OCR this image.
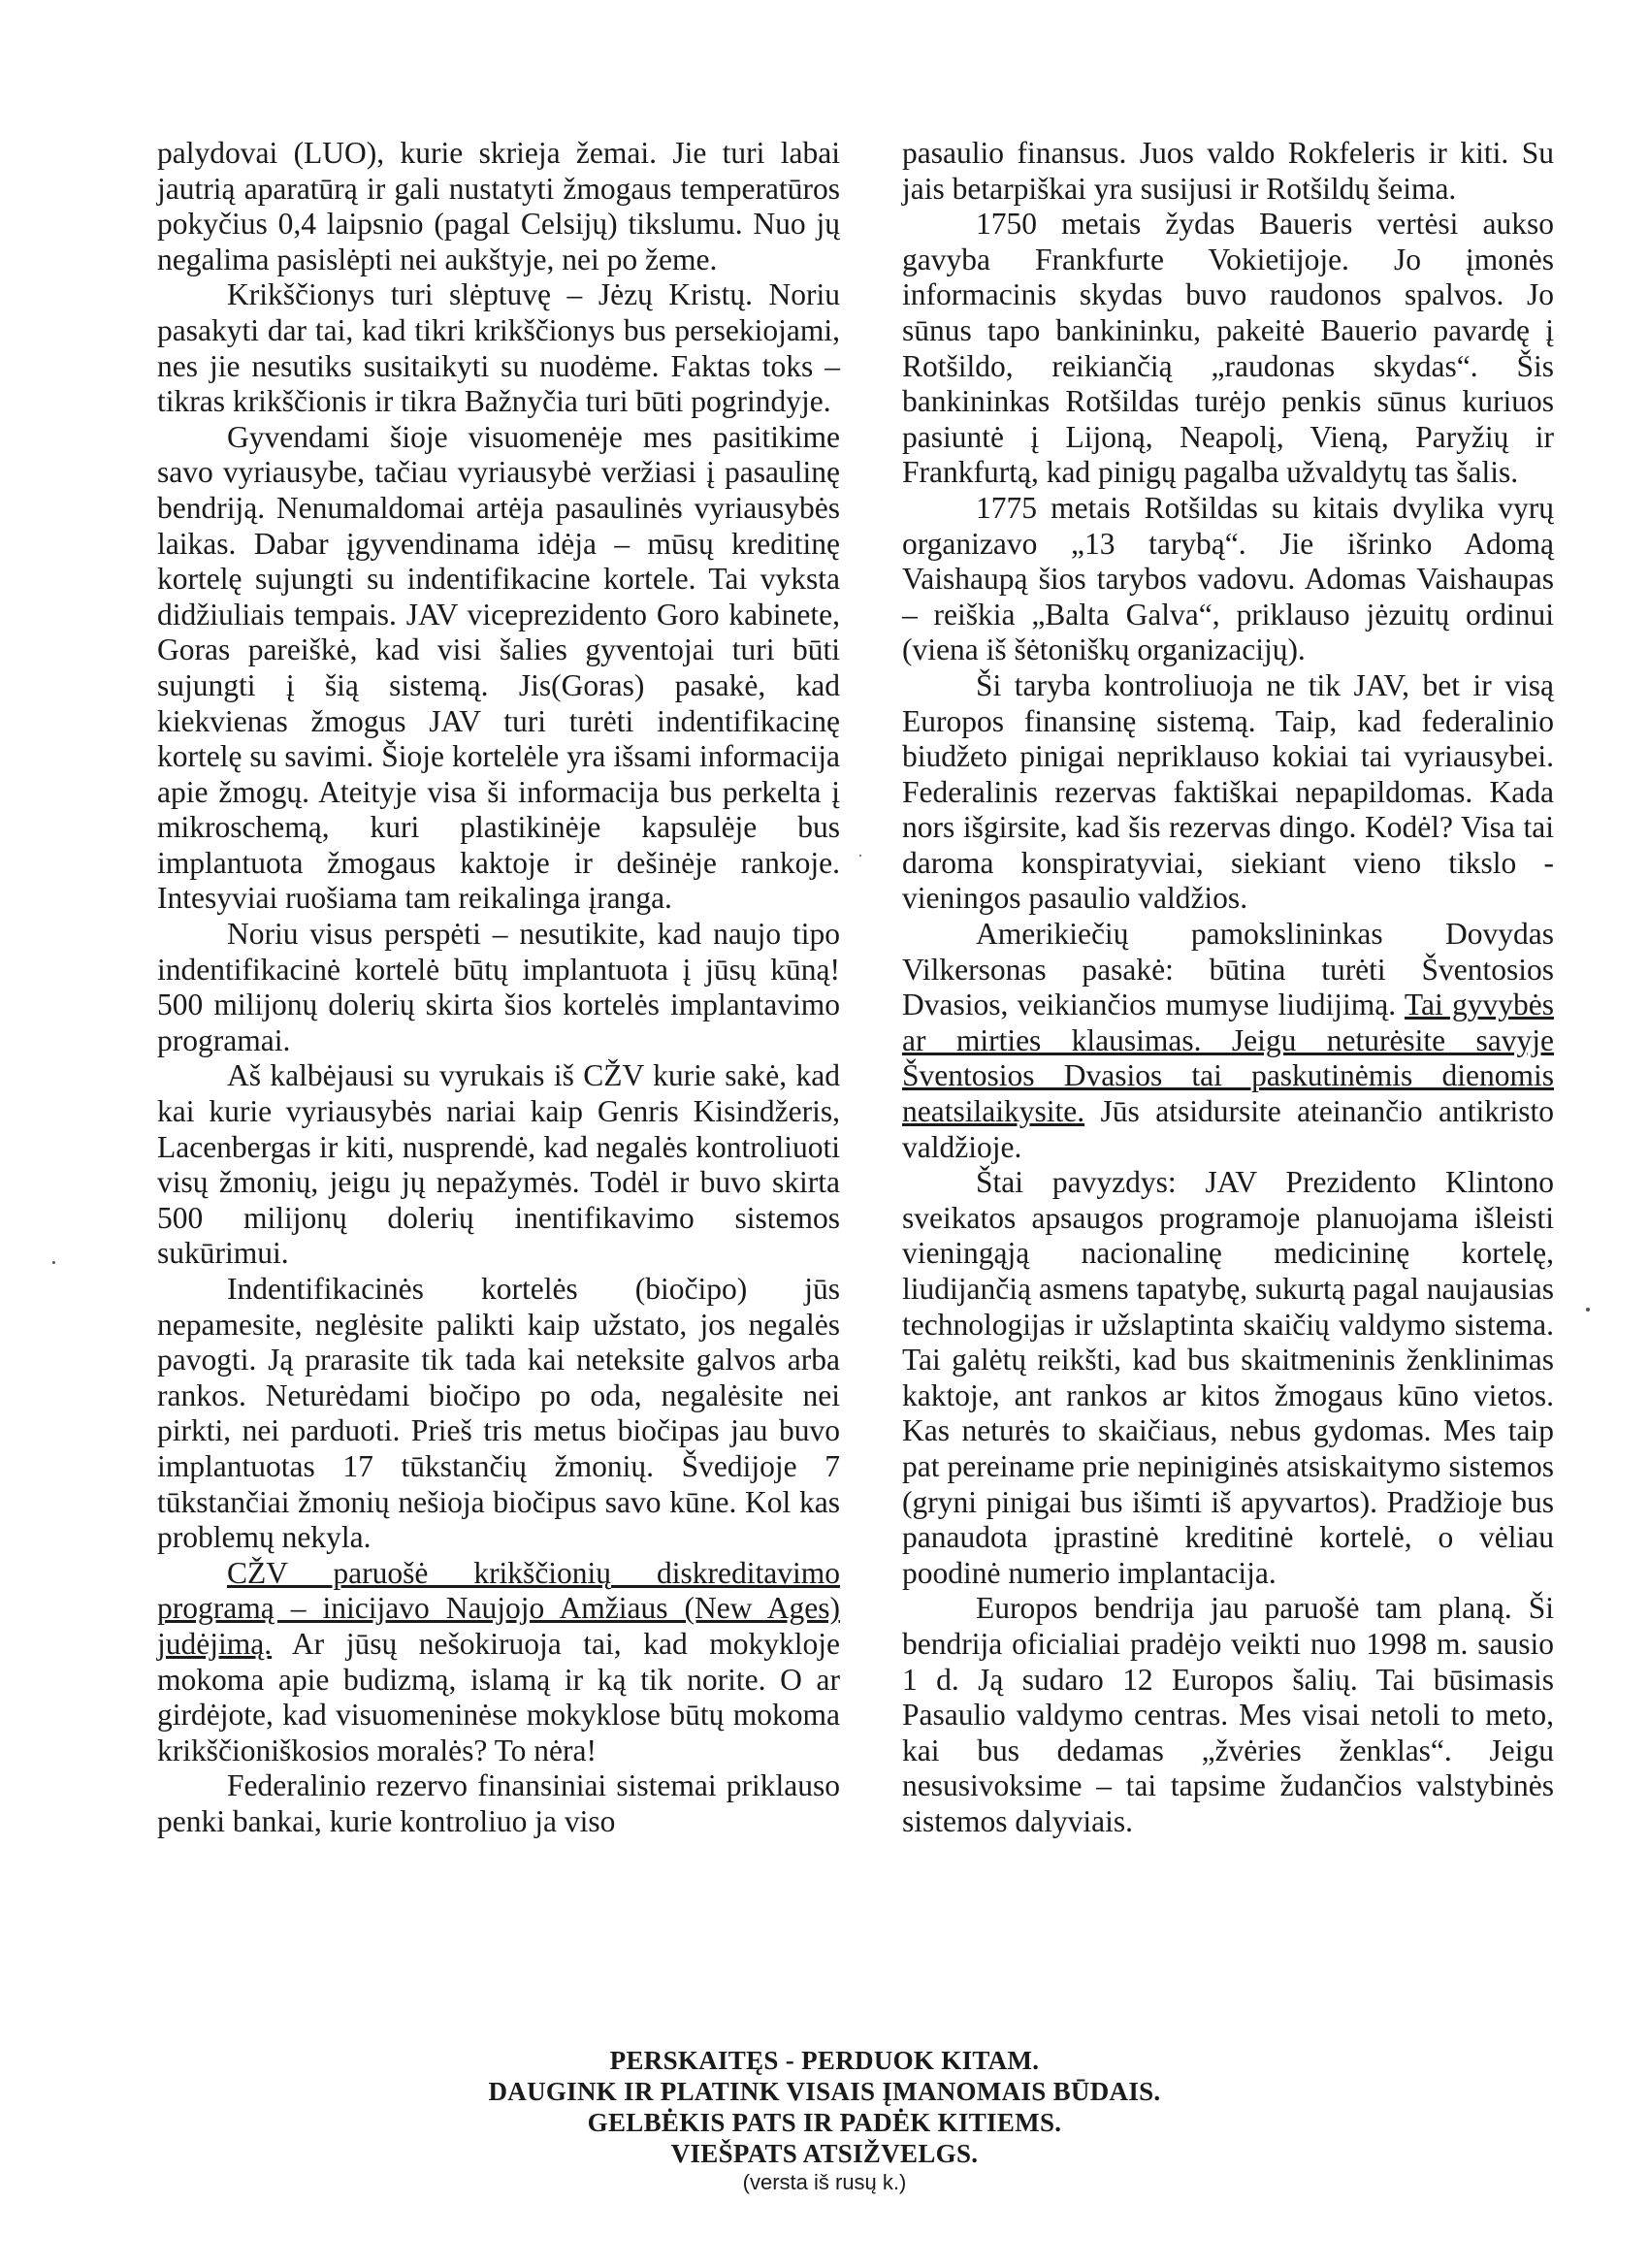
palydovai (LUO), kurie skrieja žemai. Jie turi labai jautrią aparatūrą ir gali nustatyti žmogaus temperatūros pokyčius 0,4 laipsnio (pagal Celsijų) tikslumu. Nuo jų negalima pasislėpti nei aukštyje, nei po žeme.

Krikščionys turi slėptuvę – Jėzų Kristų. Noriu pasakyti dar tai, kad tikri krikščionys bus persekiojami, nes jie nesutiks susitaikyti su nuodėme. Faktas toks – tikras krikščionis ir tikra Bažnyčia turi būti pogrindyje.

Gyvendami šioje visuomenėje mes pasitikime savo vyriausybe, tačiau vyriausybė veržiasi į pasaulinę bendriją. Nenumaldomai artėja pasaulinės vyriausybės laikas. Dabar įgyvendinama idėja – mūsų kreditinę kortelę sujungti su indentifikacine kortele. Tai vyksta didžiuliais tempais. JAV viceprezidento Goro kabinete, Goras pareiškė, kad visi šalies gyventojai turi būti sujungti į šią sistemą. Jis(Goras) pasakė, kad kiekvienas žmogus JAV turi turėti indentifikacinę kortelę su savimi. Šioje kortelėle yra išsami informacija apie žmogų. Ateityje visa ši informacija bus perkelta į mikroschemą, kuri plastikinėje kapsulėje bus implantuota žmogaus kaktoje ir dešinėje rankoje. Intesyviai ruošiama tam reikalinga įranga.

Noriu visus perspėti – nesutikite, kad naujo tipo indentifikacinė kortelė būtų implantuota į jūsų kūną! 500 milijonų dolerių skirta šios kortelės implantavimo programai.

Aš kalbėjausi su vyrukais iš CŽV kurie sakė, kad kai kurie vyriausybės nariai kaip Genris Kisindžeris, Lacenbergas ir kiti, nusprendė, kad negalės kontroliuoti visų žmonių, jeigu jų nepažymės. Todėl ir buvo skirta 500 milijonų dolerių inentifikavimo sistemos sukūrimui.

Indentifikacinės kortelės (biočipo) jūs nepamesite, neglėsite palikti kaip užstato, jos negalės pavogti. Ją prarasite tik tada kai neteksite galvos arba rankos. Neturėdami biočipo po oda, negalėsite nei pirkti, nei parduoti. Prieš tris metus biočipas jau buvo implantuotas 17 tūkstančių žmonių. Švedijoje 7 tūkstančiai žmonių nešioja biočipus savo kūne. Kol kas problemų nekyla.

CŽV paruošė krikščionių diskreditavimo programą – inicijavo Naujojo Amžiaus (New Ages) judėjimą. Ar jūsų nešokiruoja tai, kad mokykloje mokoma apie budizmą, islamą ir ką tik norite. O ar girdėjote, kad visuomeninėse mokyklose būtų mokoma krikščioniškosios moralės? To nėra!

Federalinio rezervo finansiniai sistemai priklauso penki bankai, kurie kontroliuo ja viso

pasaulio finansus. Juos valdo Rokfeleris ir kiti. Su jais betarpiškai yra susijusi ir Rotšildų šeima.

1750 metais žydas Baueris vertėsi aukso gavyba Frankfurte Vokietijoje. Jo įmonės informacinis skydas buvo raudonos spalvos. Jo sūnus tapo bankininku, pakeitė Bauerio pavardę į Rotšildo, reikiančią „raudonas skydas“. Šis bankininkas Rotšildas turėjo penkis sūnus kuriuos pasiuntė į Lijoną, Neapolį, Vieną, Paryžių ir Frankfurtą, kad pinigų pagalba užvaldytų tas šalis.

1775 metais Rotšildas su kitais dvylika vyrų organizavo „13 tarybą“. Jie išrinko Adomą Vaishaupą šios tarybos vadovu. Adomas Vaishaupas – reiškia „Balta Galva“, priklauso jėzuitų ordinui (viena iš šėtoniškų organizacijų).

Ši taryba kontroliuoja ne tik JAV, bet ir visą Europos finansinę sistemą. Taip, kad federalinio biudžeto pinigai nepriklauso kokiai tai vyriausybei. Federalinis rezervas faktiškai nepapildomas. Kada nors išgirsite, kad šis rezervas dingo. Kodėl? Visa tai daroma konspiratyviai, siekiant vieno tikslo - vieningos pasaulio valdžios.

Amerikiečių pamokslininkas Dovydas Vilkersonas pasakė: būtina turėti Šventosios Dvasios, veikiančios mumyse liudijimą. Tai gyvybės ar mirties klausimas. Jeigu neturėsite savyje Šventosios Dvasios tai paskutinėmis dienomis neatsilaikysite. Jūs atsidursite ateinančio antikristo valdžioje.

Štai pavyzdys: JAV Prezidento Klintono sveikatos apsaugos programoje planuojama išleisti vieningąją nacionalinę medicininę kortelę, liudijančią asmens tapatybę, sukurtą pagal naujausias technologijas ir užslaptinta skaičių valdymo sistema. Tai galėtų reikšti, kad bus skaitmeninis ženklinimas kaktoje, ant rankos ar kitos žmogaus kūno vietos. Kas neturės to skaičiaus, nebus gydomas. Mes taip pat pereiname prie nepiniginės atsiskaitymo sistemos (gryni pinigai bus išimti iš apyvartos). Pradžioje bus panaudota įprastinė kreditinė kortelė, o vėliau poodinė numerio implantacija.

Europos bendrija jau paruošė tam planą. Ši bendrija oficialiai pradėjo veikti nuo 1998 m. sausio 1 d. Ją sudaro 12 Europos šalių. Tai būsimasis Pasaulio valdymo centras. Mes visai netoli to meto, kai bus dedamas „žvėries ženklas“. Jeigu nesusivoksime – tai tapsime žudančios valstybinės sistemos dalyviais.

PERSKAITĘS - PERDUOK KITAM.
DAUGINK IR PLATINK VISAIS ĮMANOMAIS BŪDAIS.
GELBĖKIS PATS IR PADĖK KITIEMS.
VIEŠPATS ATSIŽVELGS.
(versta iš rusų k.)
